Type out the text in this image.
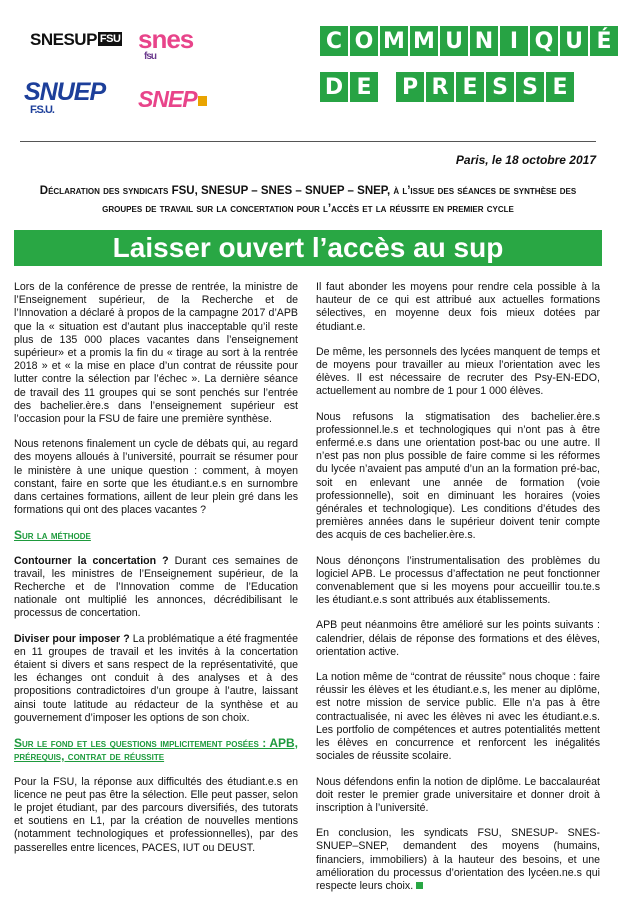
SNESUP FSU snes
fsu
SNUEP
F.S.U.	SNEP
C O M M U N I Q U É
D E P R E S S E
Paris, le 18 octobre 2017
Déclaration des syndicats FSU, SNESUP – SNES – SNUEP – SNEP, à l’issue des séances de synthèse des groupes de travail sur la concertation pour l’accès et la réussite en premier cycle
Laisser ouvert l’accès au sup

Lors de la conférence de presse de rentrée, la ministre de l’Enseignement supérieur, de la Recherche et de l’Innovation a déclaré à propos de la campagne 2017 d’APB que la « situation est d’autant plus inacceptable qu’il reste plus de 135 000 places vacantes dans l’enseignement supérieur» et a promis la fin du « tirage au sort à la rentrée 2018 » et « la mise en place d’un contrat de réussite pour lutter contre la sélection par l’échec ». La dernière séance de travail des 11 groupes qui se sont penchés sur l’entrée des bachelier.ère.s dans l’enseignement supérieur est l’occasion pour la FSU de faire une première synthèse.

Nous retenons finalement un cycle de débats qui, au regard des moyens alloués à l’université, pourrait se résumer pour le ministère à une unique question : comment, à moyen constant, faire en sorte que les étudiant.e.s en surnombre dans certaines formations, aillent de leur plein gré dans les formations qui ont des places vacantes ?

Sur la méthode

Contourner la concertation ? Durant ces semaines de travail, les ministres de l’Enseignement supérieur, de la Recherche et de l’Innovation comme de l’Education nationale ont multiplié les annonces, décrédibilisant le processus de concertation.

Diviser pour imposer ? La problématique a été fragmentée en 11 groupes de travail et les invités à la concertation étaient si divers et sans respect de la représentativité, que les échanges ont conduit à des analyses et à des propositions contradictoires d’un groupe à l’autre, laissant ainsi toute latitude au rédacteur de la synthèse et au gouvernement d’imposer les options de son choix.

Sur le fond et les questions implicitement posées : APB, prérequis, contrat de réussite

Pour la FSU, la réponse aux difficultés des étudiant.e.s en licence ne peut pas être la sélection. Elle peut passer, selon le projet étudiant, par des parcours diversifiés, des tutorats et soutiens en L1, par la création de nouvelles mentions (notamment technologiques et professionnelles), par des passerelles entre licences, PACES, IUT ou DEUST.

Il faut abonder les moyens pour rendre cela possible à la hauteur de ce qui est attribué aux actuelles formations sélectives, en moyenne deux fois mieux dotées par étudiant.e.

De même, les personnels des lycées manquent de temps et de moyens pour travailler au mieux l’orientation avec les élèves. Il est nécessaire de recruter des Psy-EN-EDO, actuellement au nombre de 1 pour 1 000 élèves.

Nous refusons la stigmatisation des bachelier.ère.s professionnel.le.s et technologiques qui n’ont pas à être enfermé.e.s dans une orientation post-bac ou une autre. Il n’est pas non plus possible de faire comme si les réformes du lycée n’avaient pas amputé d’un an la formation pré-bac, soit en enlevant une année de formation (voie professionnelle), soit en diminuant les horaires (voies générales et technologique). Les conditions d’études des premières années dans le supérieur doivent tenir compte des acquis de ces bachelier.ère.s.

Nous dénonçons l’instrumentalisation des problèmes du logiciel APB. Le processus d’affectation ne peut fonctionner convenablement que si les moyens pour accueillir tou.te.s les étudiant.e.s sont attribués aux établissements.

APB peut néanmoins être amélioré sur les points suivants : calendrier, délais de réponse des formations et des élèves, orientation active.

La notion même de “contrat de réussite” nous choque : faire réussir les élèves et les étudiant.e.s, les mener au diplôme, est notre mission de service public. Elle n’a pas à être contractualisée, ni avec les élèves ni avec les étudiant.e.s. Les portfolio de compétences et autres potentialités mettent les élèves en concurrence et renforcent les inégalités sociales de réussite scolaire.

Nous défendons enfin la notion de diplôme. Le baccalauréat doit rester le premier grade universitaire et donner droit à inscription à l’université.

En conclusion, les syndicats FSU, SNESUP- SNES- SNUEP–SNEP, demandent des moyens (humains, financiers, immobiliers) à la hauteur des besoins, et une amélioration du processus d’orientation des lycéen.ne.s qui respecte leurs choix.
